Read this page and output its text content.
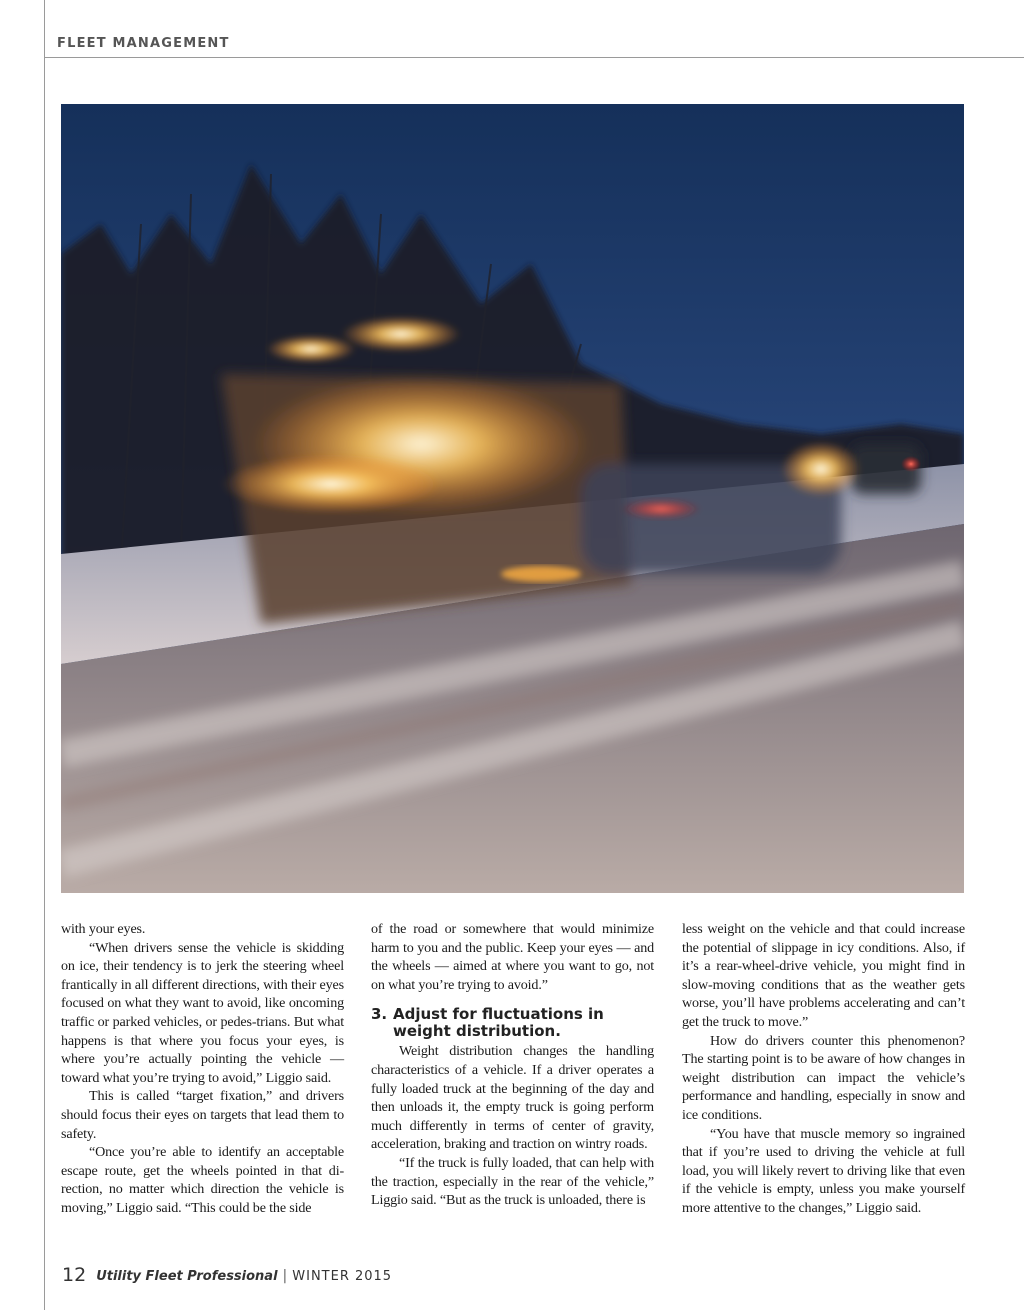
FLEET MANAGEMENT

with your eyes.

“When drivers sense the vehicle is skidding on ice, their tendency is to jerk the steering wheel frantically in all different directions, with their eyes focused on what they want to avoid, like oncoming traffic or parked vehicles, or pedes-trians. But what happens is that where you focus your eyes, is where you’re actually pointing the vehicle — toward what you’re trying to avoid,” Liggio said.

This is called “target fixation,” and drivers should focus their eyes on targets that lead them to safety.

“Once you’re able to identify an acceptable escape route, get the wheels pointed in that di-rection, no matter which direction the vehicle is moving,” Liggio said. “This could be the side

of the road or somewhere that would minimize harm to you and the public. Keep your eyes — and the wheels — aimed at where you want to go, not on what you’re trying to avoid.”

3. Adjust for fluctuations in
weight distribution.

Weight distribution changes the handling characteristics of a vehicle. If a driver operates a fully loaded truck at the beginning of the day and then unloads it, the empty truck is going perform much differently in terms of center of gravity, acceleration, braking and traction on wintry roads.

“If the truck is fully loaded, that can help with the traction, especially in the rear of the vehicle,” Liggio said. “But as the truck is unloaded, there is

less weight on the vehicle and that could increase the potential of slippage in icy conditions. Also, if it’s a rear-wheel-drive vehicle, you might find in slow-moving conditions that as the weather gets worse, you’ll have problems accelerating and can’t get the truck to move.”

How do drivers counter this phenomenon? The starting point is to be aware of how changes in weight distribution can impact the vehicle’s performance and handling, especially in snow and ice conditions.

“You have that muscle memory so ingrained that if you’re used to driving the vehicle at full load, you will likely revert to driving like that even if the vehicle is empty, unless you make yourself more attentive to the changes,” Liggio said.

12 Utility Fleet Professional | WINTER 2015
